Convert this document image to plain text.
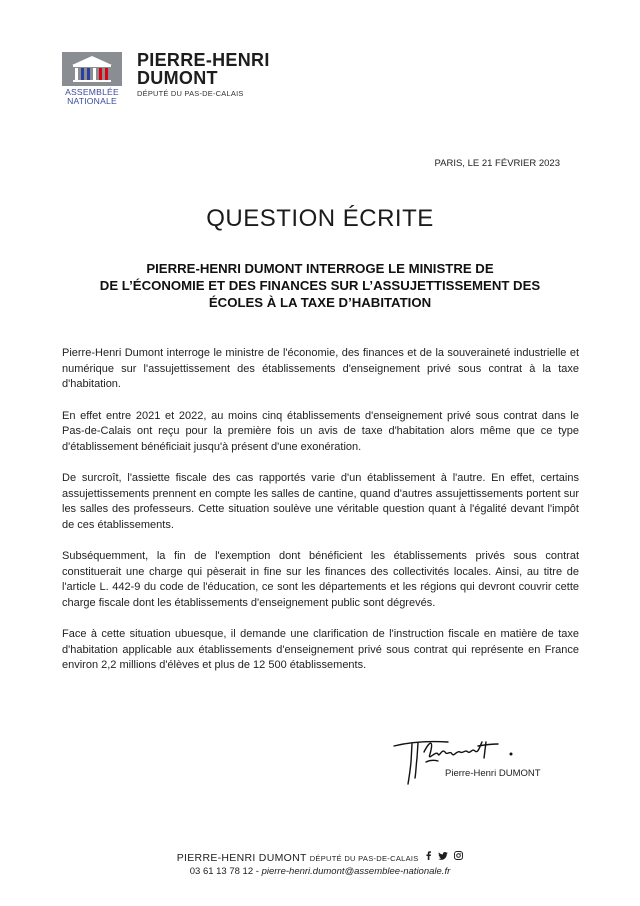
ASSEMBLÉE
NATIONALE
PIERRE-HENRI
DUMONT
DÉPUTÉ DU PAS-DE-CALAIS
PARIS, LE 21 FÉVRIER 2023
QUESTION ÉCRITE
PIERRE-HENRI DUMONT INTERROGE LE MINISTRE DE
DE L’ÉCONOMIE ET DES FINANCES SUR L’ASSUJETTISSEMENT DES
ÉCOLES À LA TAXE D’HABITATION

Pierre-Henri Dumont interroge le ministre de l'économie, des finances et de la souveraineté industrielle et numérique sur l'assujettissement des établissements d'enseignement privé sous contrat à la taxe d'habitation.

En effet entre 2021 et 2022, au moins cinq établissements d'enseignement privé sous contrat dans le Pas-de-Calais ont reçu pour la première fois un avis de taxe d'habitation alors même que ce type d'établissement bénéficiait jusqu'à présent d'une exonération.

De surcroît, l'assiette fiscale des cas rapportés varie d'un établissement à l'autre. En effet, certains assujettissements prennent en compte les salles de cantine, quand d'autres assujettissements portent sur les salles des professeurs. Cette situation soulève une véritable question quant à l'égalité devant l'impôt de ces établissements.

Subséquemment, la fin de l'exemption dont bénéficient les établissements privés sous contrat constituerait une charge qui pèserait in fine sur les finances des collectivités locales. Ainsi, au titre de l'article L. 442-9 du code de l'éducation, ce sont les départements et les régions qui devront couvrir cette charge fiscale dont les établissements d'enseignement public sont dégrevés.

Face à cette situation ubuesque, il demande une clarification de l'instruction fiscale en matière de taxe d'habitation applicable aux établissements d'enseignement privé sous contrat qui représente en France environ 2,2 millions d'élèves et plus de 12 500 établissements.

Pierre-Henri DUMONT
PIERRE-HENRI DUMONT DÉPUTÉ DU PAS-DE-CALAIS
03 61 13 78 12 - pierre-henri.dumont@assemblee-nationale.fr
